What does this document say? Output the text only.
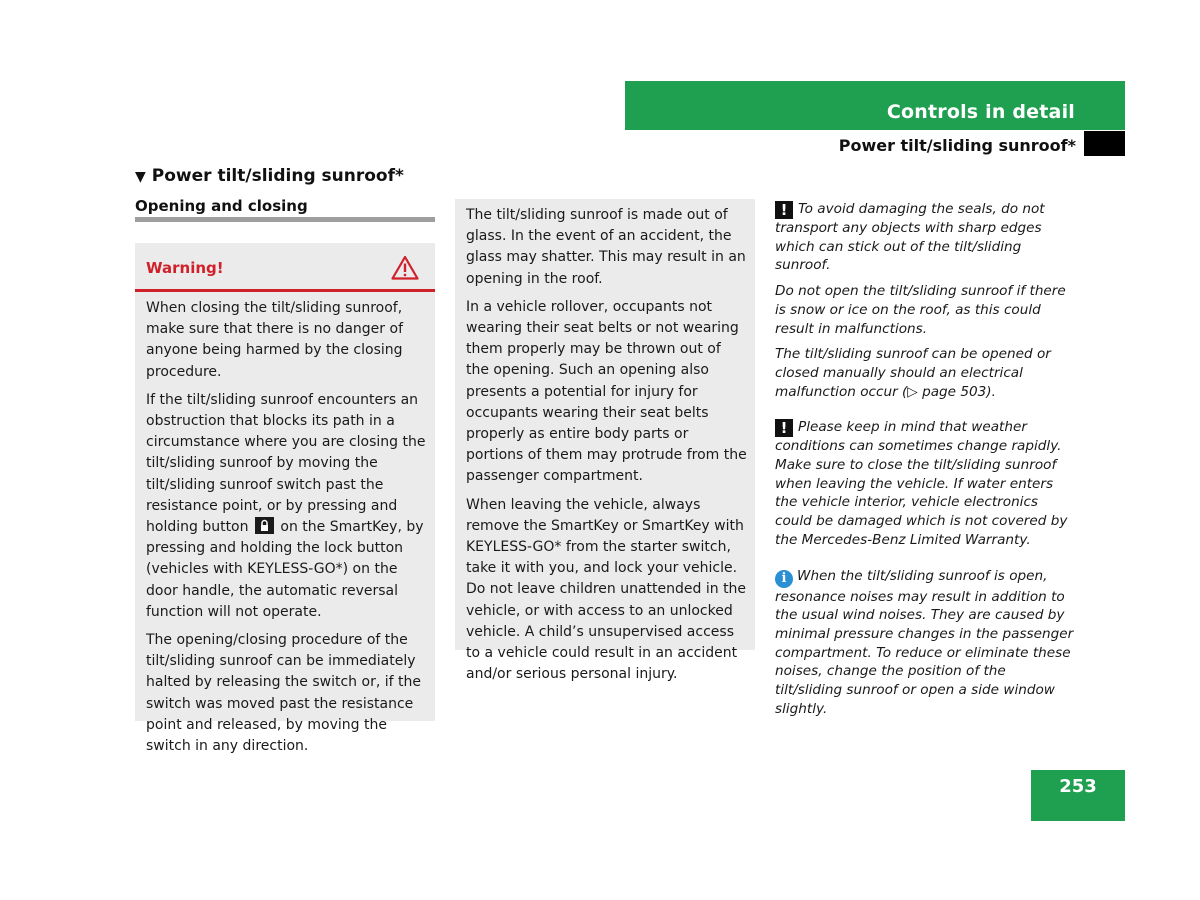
Controls in detail
Power tilt/sliding sunroof*
▼ Power tilt/sliding sunroof*
Opening and closing
Warning!

When closing the tilt/sliding sunroof, make sure that there is no danger of anyone being harmed by the closing procedure.

If the tilt/sliding sunroof encounters an obstruction that blocks its path in a circumstance where you are closing the tilt/sliding sunroof by moving the tilt/sliding sunroof switch past the resistance point, or by pressing and holding button on the SmartKey, by pressing and holding the lock button (vehicles with KEYLESS-GO*) on the door handle, the automatic reversal function will not operate.

The opening/closing procedure of the tilt/sliding sunroof can be immediately halted by releasing the switch or, if the switch was moved past the resistance point and released, by moving the switch in any direction.

The tilt/sliding sunroof is made out of glass. In the event of an accident, the glass may shatter. This may result in an opening in the roof.

In a vehicle rollover, occupants not wearing their seat belts or not wearing them properly may be thrown out of the opening. Such an opening also presents a potential for injury for occupants wearing their seat belts properly as entire body parts or portions of them may protrude from the passenger compartment.

When leaving the vehicle, always remove the SmartKey or SmartKey with KEYLESS-GO* from the starter switch, take it with you, and lock your vehicle. Do not leave children unattended in the vehicle, or with access to an unlocked vehicle. A child’s unsupervised access to a vehicle could result in an accident and/or serious personal injury.

! To avoid damaging the seals, do not transport any objects with sharp edges which can stick out of the tilt/sliding sunroof.

Do not open the tilt/sliding sunroof if there is snow or ice on the roof, as this could result in malfunctions.

The tilt/sliding sunroof can be opened or closed manually should an electrical malfunction occur (▷ page 503).

! Please keep in mind that weather conditions can sometimes change rapidly. Make sure to close the tilt/sliding sunroof when leaving the vehicle. If water enters the vehicle interior, vehicle electronics could be damaged which is not covered by the Mercedes-Benz Limited Warranty.

i When the tilt/sliding sunroof is open, resonance noises may result in addition to the usual wind noises. They are caused by minimal pressure changes in the passenger compartment. To reduce or eliminate these noises, change the position of the tilt/sliding sunroof or open a side window slightly.

253
